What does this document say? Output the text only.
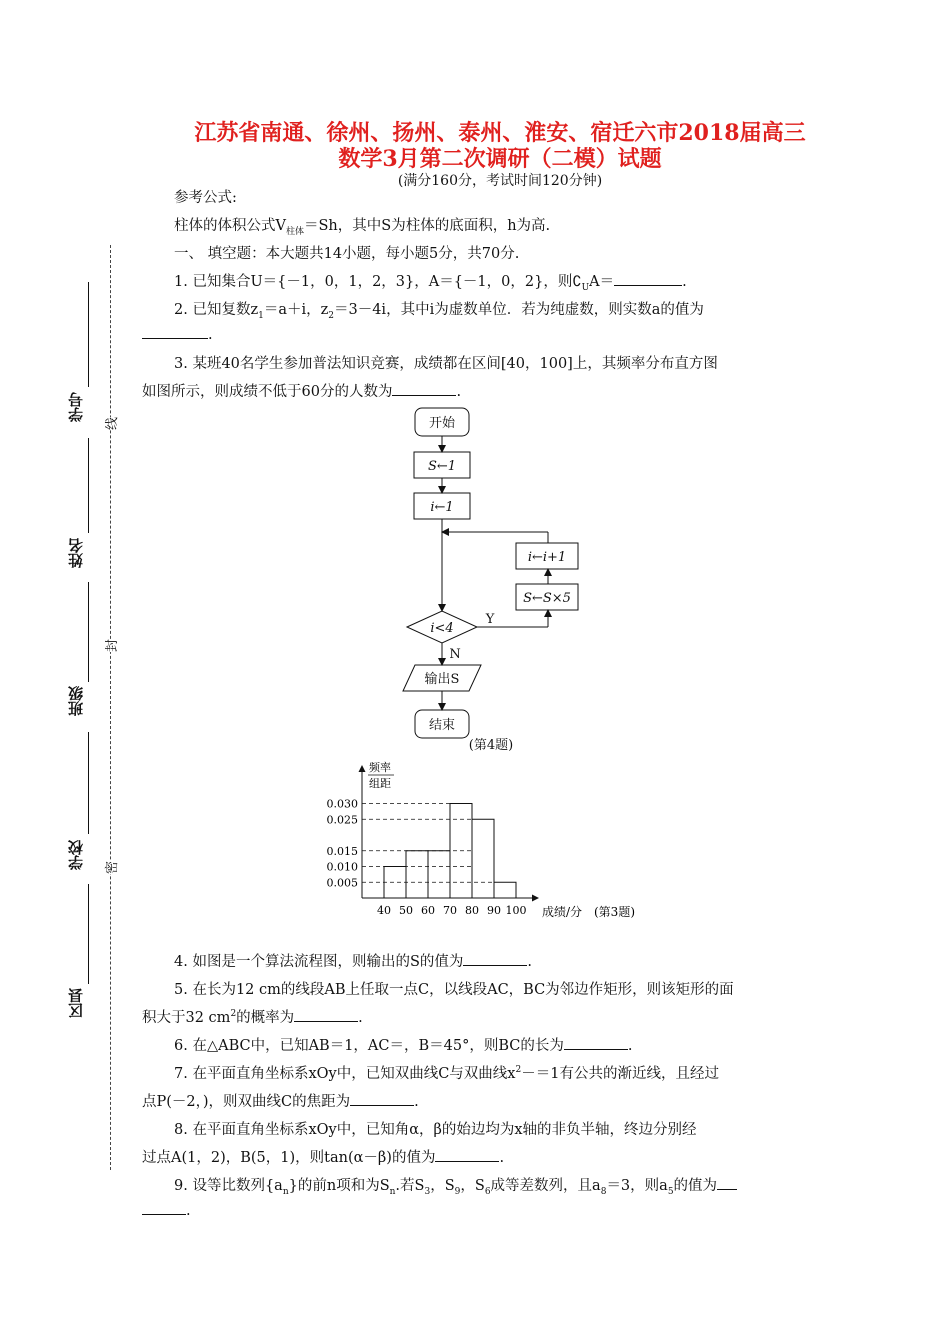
江苏省南通、徐州、扬州、泰州、淮安、宿迁六市2018届高三
数学3月第二次调研（二模）试题
(满分160分，考试时间120分钟)
参考公式:
柱体的体积公式$V_{柱体}=Sh$，其中S为柱体的底面积，h为高.
一、 填空题：本大题共14小题，每小题5分，共70分.
1. 已知集合U＝{－1，0，1，2，3}，A＝{－1，0，2}，则$∁_UA=$	.
2. 已知复数$z_1=a+i$，$z_2=3-4i$，其中i为虚数单位．若为纯虚数，则实数a的值为
.
3. 某班40名学生参加普法知识竞赛，成绩都在区间[40，100]上，其频率分布直方图
如图所示，则成绩不低于60分的人数为	.
开始
S←1
i←1
i<4
Y
N
i←i+1
S←S×5
输出S
结束
(第4题)
频率
组距
0.030
0.025
0.015
0.010
0.005
40 50 60 70 80 90 100 成绩/分 (第3题)
4. 如图是一个算法流程图，则输出的S的值为	.
5. 在长为12 cm的线段AB上任取一点C，以线段AC，BC为邻边作矩形，则该矩形的面
积大于32 $cm^2$的概率为	.
6. 在△ABC中，已知AB＝1，AC＝，B＝45°，则BC的长为	.
7. 在平面直角坐标系xOy中，已知双曲线C与双曲线$x^2-=1$有公共的渐近线，且经过
点P(－2，)，则双曲线C的焦距为	.
8. 在平面直角坐标系xOy中，已知角α，β的始边均为x轴的非负半轴，终边分别经
过点A(1，2)，B(5，1)，则tan(α－β)的值为	.
9. 设等比数列$\{a_n\}$的前n项和为$S_n$.若$S_3$，$S_9$，$S_6$成等差数列，且$a_8=3$，则$a_5$的值为
.
学号
姓名
班级
学校
区县
线
封
密
